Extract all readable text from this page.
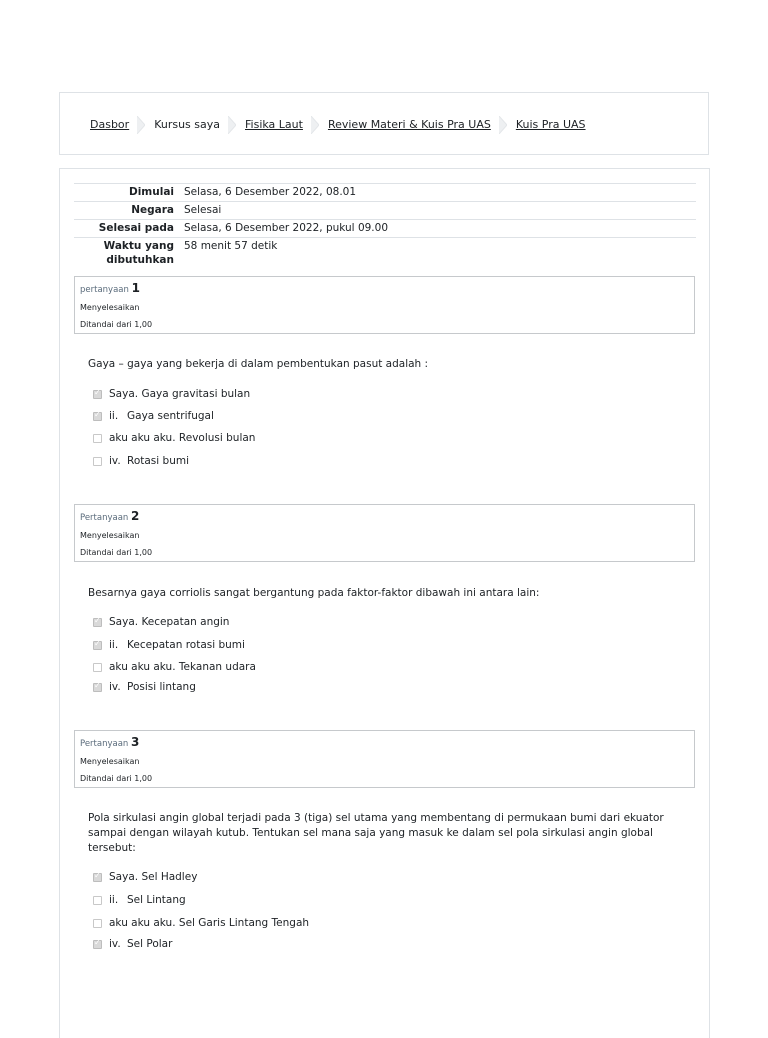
Dasbor Kursus saya Fisika Laut Review Materi & Kuis Pra UAS Kuis Pra UAS
Dimulai	Selasa, 6 Desember 2022, 08.01
Negara	Selesai
Selesai pada	Selasa, 6 Desember 2022, pukul 09.00
Waktu yang dibutuhkan	58 menit 57 detik
pertanyaan 1
Menyelesaikan
Ditandai dari 1,00
Gaya – gaya yang bekerja di dalam pembentukan pasut adalah :
✓
Saya.
Gaya gravitasi bulan
✓
ii. Gaya sentrifugal
aku aku aku.
Revolusi bulan
iv. Rotasi bumi
Pertanyaan 2
Menyelesaikan
Ditandai dari 1,00
Besarnya gaya corriolis sangat bergantung pada faktor-faktor dibawah ini antara lain:
✓
Saya.
Kecepatan angin
✓
ii. Kecepatan rotasi bumi
aku aku aku.
Tekanan udara
✓
iv. Posisi lintang
Pertanyaan 3
Menyelesaikan
Ditandai dari 1,00
Pola sirkulasi angin global terjadi pada 3 (tiga) sel utama yang membentang di permukaan bumi dari ekuator sampai dengan wilayah kutub. Tentukan sel mana saja yang masuk ke dalam sel pola sirkulasi angin global tersebut:
✓
Saya.
Sel Hadley
ii. Sel Lintang
aku aku aku.
Sel Garis Lintang Tengah
✓
iv. Sel Polar
